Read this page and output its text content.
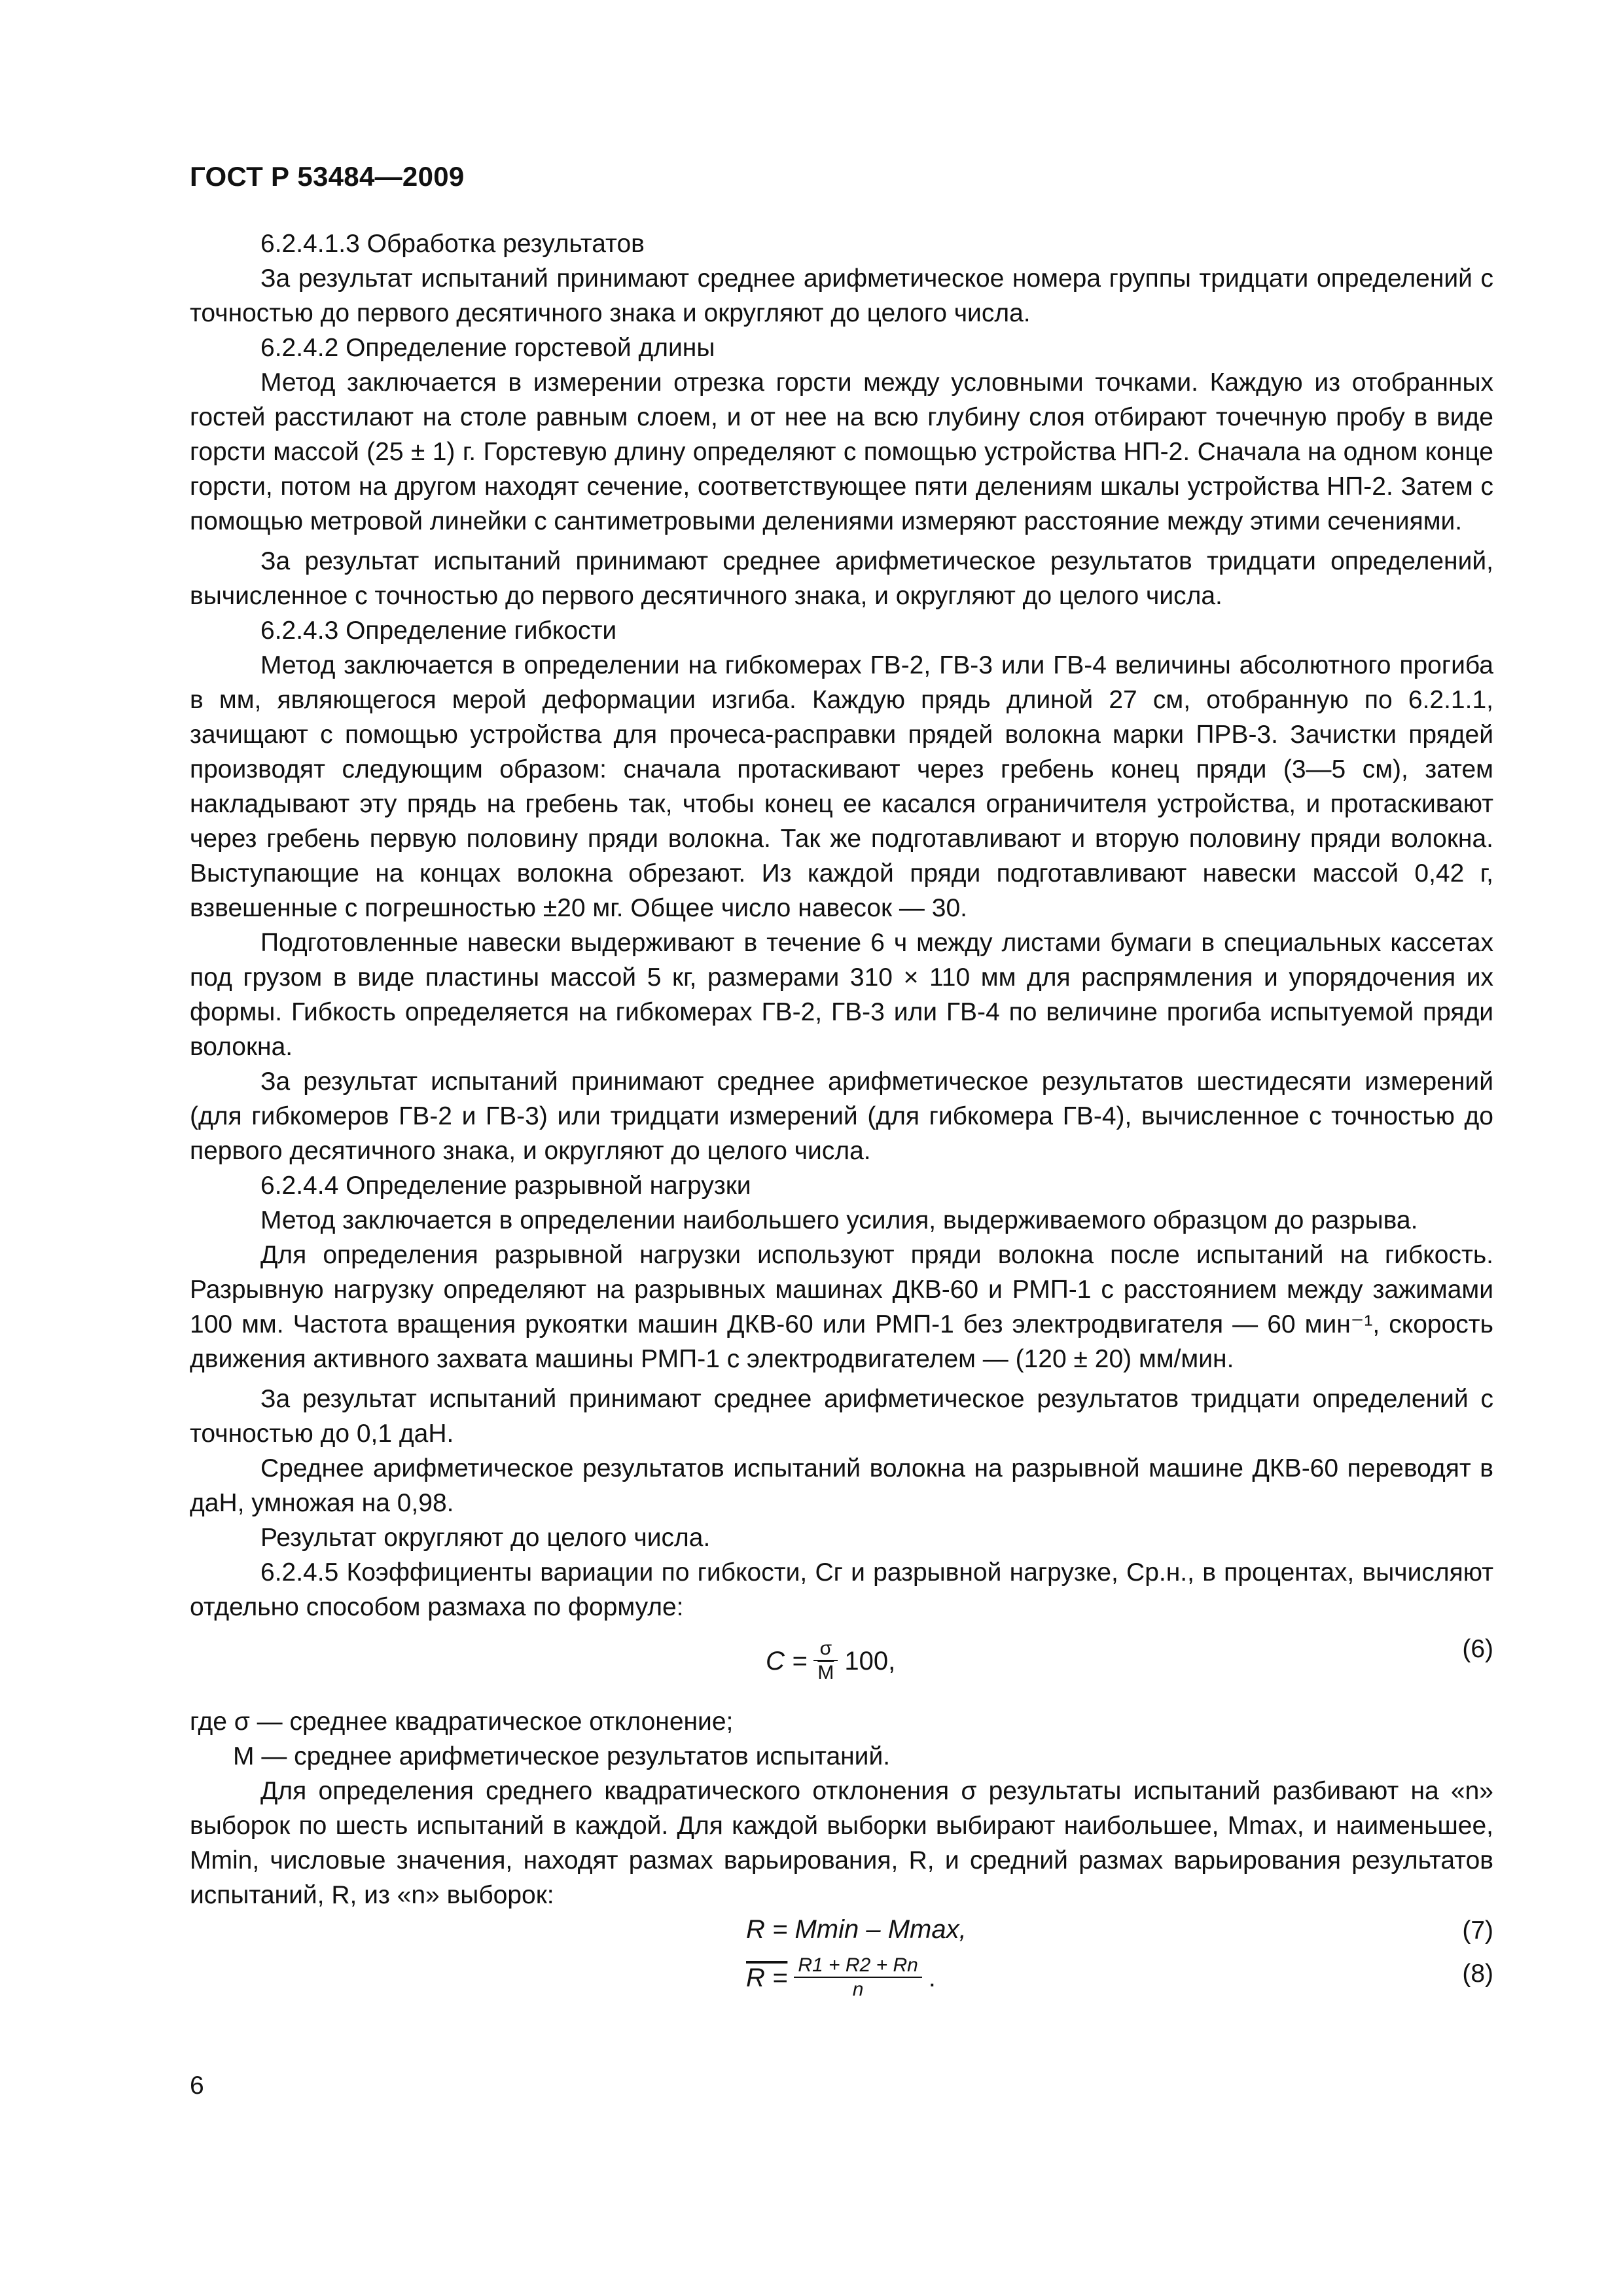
ГОСТ Р 53484—2009

6.2.4.1.3 Обработка результатов

За результат испытаний принимают среднее арифметическое номера группы тридцати определений с точностью до первого десятичного знака и округляют до целого числа.

6.2.4.2 Определение горстевой длины

Метод заключается в измерении отрезка горсти между условными точками. Каждую из отобранных гостей расстилают на столе равным слоем, и от нее на всю глубину слоя отбирают точечную пробу в виде горсти массой (25 ± 1) г. Горстевую длину определяют с помощью устройства НП-2. Сначала на одном конце горсти, потом на другом находят сечение, соответствующее пяти делениям шкалы устройства НП-2. Затем с помощью метровой линейки с сантиметровыми делениями измеряют расстояние между этими сечениями.

За результат испытаний принимают среднее арифметическое результатов тридцати определений, вычисленное с точностью до первого десятичного знака, и округляют до целого числа.

6.2.4.3 Определение гибкости

Метод заключается в определении на гибкомерах ГВ-2, ГВ-3 или ГВ-4 величины абсолютного прогиба в мм, являющегося мерой деформации изгиба. Каждую прядь длиной 27 см, отобранную по 6.2.1.1, зачищают с помощью устройства для прочеса-расправки прядей волокна марки ПРВ-3. Зачистки прядей производят следующим образом: сначала протаскивают через гребень конец пряди (3—5 см), затем накладывают эту прядь на гребень так, чтобы конец ее касался ограничителя устройства, и протаскивают через гребень первую половину пряди волокна. Так же подготавливают и вторую половину пряди волокна. Выступающие на концах волокна обрезают. Из каждой пряди подготавливают навески массой 0,42 г, взвешенные с погрешностью ±20 мг. Общее число навесок — 30.

Подготовленные навески выдерживают в течение 6 ч между листами бумаги в специальных кассетах под грузом в виде пластины массой 5 кг, размерами 310 × 110 мм для распрямления и упорядочения их формы. Гибкость определяется на гибкомерах ГВ-2, ГВ-3 или ГВ-4 по величине прогиба испытуемой пряди волокна.

За результат испытаний принимают среднее арифметическое результатов шестидесяти измерений (для гибкомеров ГВ-2 и ГВ-3) или тридцати измерений (для гибкомера ГВ-4), вычисленное с точностью до первого десятичного знака, и округляют до целого числа.

6.2.4.4 Определение разрывной нагрузки

Метод заключается в определении наибольшего усилия, выдерживаемого образцом до разрыва.

Для определения разрывной нагрузки используют пряди волокна после испытаний на гибкость. Разрывную нагрузку определяют на разрывных машинах ДКВ-60 и РМП-1 с расстоянием между зажимами 100 мм. Частота вращения рукоятки машин ДКВ-60 или РМП-1 без электродвигателя — 60 мин⁻¹, скорость движения активного захвата машины РМП-1 с электродвигателем — (120 ± 20) мм/мин.

За результат испытаний принимают среднее арифметическое результатов тридцати определений с точностью до 0,1 даН.

Среднее арифметическое результатов испытаний волокна на разрывной машине ДКВ-60 переводят в даН, умножая на 0,98.

Результат округляют до целого числа.

6.2.4.5 Коэффициенты вариации по гибкости, Cг и разрывной нагрузке, Cр.н., в процентах, вычисляют отдельно способом размаха по формуле:

$C = \frac{\sigma}{M} 100$,	(6)
где σ — среднее квадратическое отклонение;
M — среднее арифметическое результатов испытаний.

Для определения среднего квадратического отклонения σ результаты испытаний разбивают на «n» выборок по шесть испытаний в каждой. Для каждой выборки выбирают наибольшее, Mmax, и наименьшее, Mmin, числовые значения, находят размах варьирования, R, и средний размах варьирования результатов испытаний, R, из «n» выборок:

R = Mmin – Mmax,	(7)
$R = \frac{R1 + R2 + Rn}{n}$ .	(8)
6
